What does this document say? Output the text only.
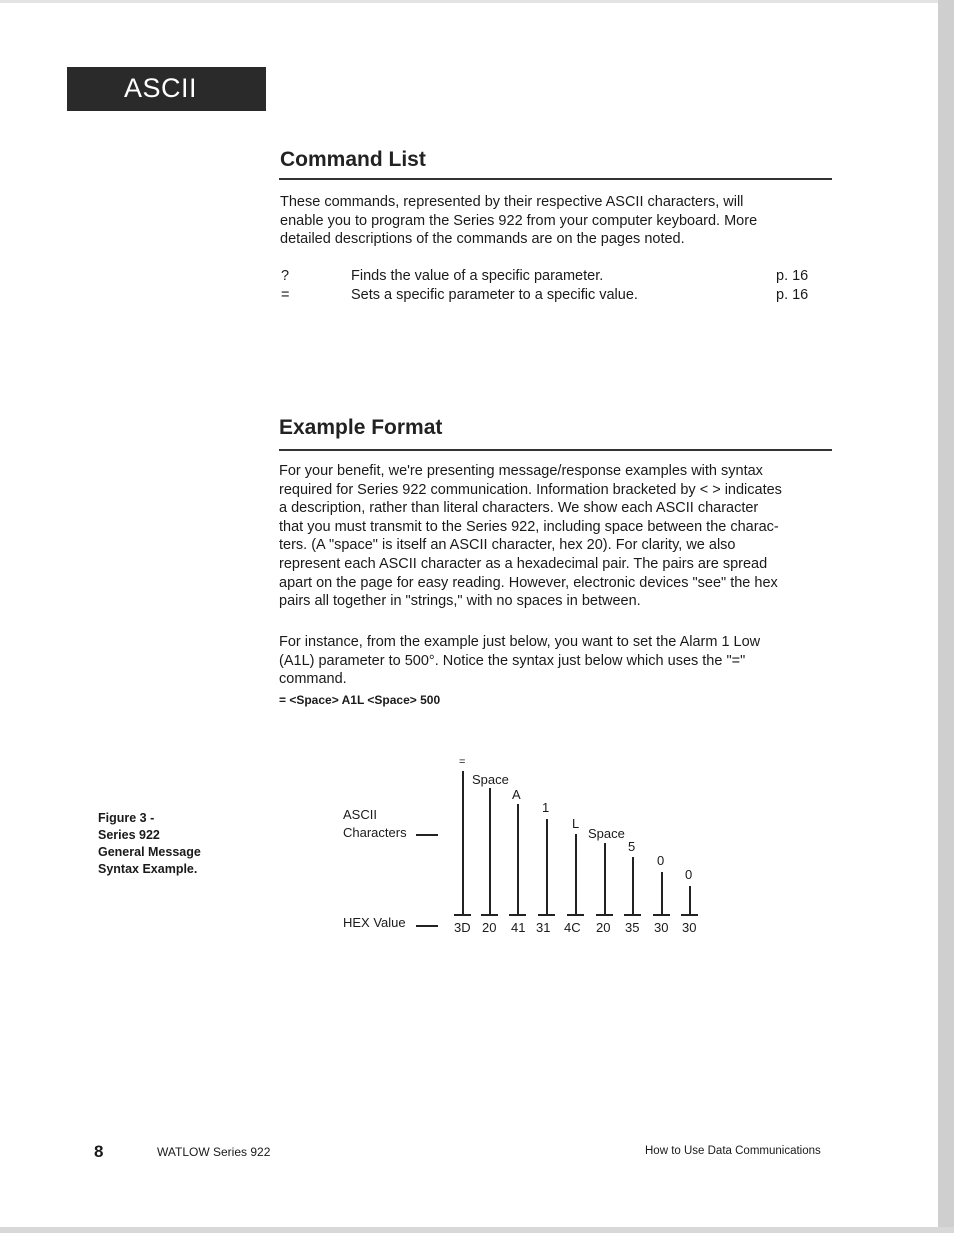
ASCII
Command List
These commands, represented by their respective ASCII characters, will
enable you to program the Series 922 from your computer keyboard. More
detailed descriptions of the commands are on the pages noted.
?	Finds the value of a specific parameter.	p. 16
=	Sets a specific parameter to a specific value.	p. 16
Example Format
For your benefit, we're presenting message/response examples with syntax
required for Series 922 communication. Information bracketed by < > indicates
a description, rather than literal characters. We show each ASCII character
that you must transmit to the Series 922, including space between the charac-
ters. (A "space" is itself an ASCII character, hex 20). For clarity, we also
represent each ASCII character as a hexadecimal pair. The pairs are spread
apart on the page for easy reading. However, electronic devices "see" the hex
pairs all together in "strings," with no spaces in between.
For instance, from the example just below, you want to set the Alarm 1 Low
(A1L) parameter to 500°. Notice the syntax just below which uses the "="
command.
= <Space> A1L <Space> 500
Figure 3 -
Series 922
General Message
Syntax Example.
ASCII
Characters
HEX Value
=
3D
Space
20
A
41
1
31
L
4C
Space
20
5
35
0
30
0
30
8	WATLOW Series 922	How to Use Data Communications
